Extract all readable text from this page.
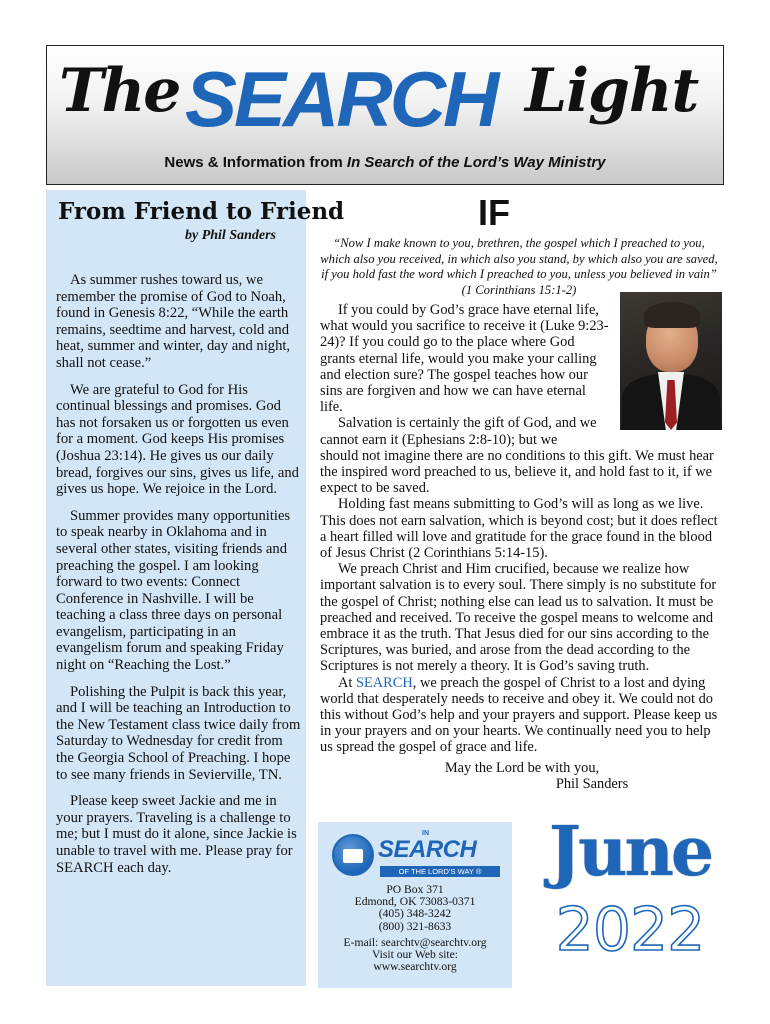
The SEARCH Light
News & Information from In Search of the Lord’s Way Ministry
From Friend to Friend
by Phil Sanders

As summer rushes toward us, we remember the promise of God to Noah, found in Genesis 8:22, “While the earth remains, seedtime and harvest, cold and heat, summer and winter, day and night, shall not cease.”

We are grateful to God for His continual blessings and promises. God has not forsaken us or forgotten us even for a moment. God keeps His promises (Joshua 23:14). He gives us our daily bread, forgives our sins, gives us life, and gives us hope. We rejoice in the Lord.

Summer provides many opportunities to speak nearby in Oklahoma and in several other states, visiting friends and preaching the gospel. I am looking forward to two events: Connect Conference in Nashville. I will be teaching a class three days on personal evangelism, participating in an evangelism forum and speaking Friday night on “Reaching the Lost.”

Polishing the Pulpit is back this year, and I will be teaching an Introduction to the New Testament class twice daily from Saturday to Wednesday for credit from the Georgia School of Preaching. I hope to see many friends in Sevierville, TN.

Please keep sweet Jackie and me in your prayers. Traveling is a challenge to me; but I must do it alone, since Jackie is unable to travel with me. Please pray for SEARCH each day.

IF
“Now I make known to you, brethren, the gospel which I preached to you, which also you received, in which also you stand, by which also you are saved, if you hold fast the word which I preached to you, unless you believed in vain” (1 Corinthians 15:1-2)

If you could by God’s grace have eternal life, what would you sacrifice to receive it (Luke 9:23-24)? If you could go to the place where God grants eternal life, would you make your calling and election sure? The gospel teaches how our sins are forgiven and how we can have eternal life.

Salvation is certainly the gift of God, and we cannot earn it (Ephesians 2:8-10); but we

should not imagine there are no conditions to this gift. We must hear the inspired word preached to us, believe it, and hold fast to it, if we expect to be saved.

Holding fast means submitting to God’s will as long as we live. This does not earn salvation, which is beyond cost; but it does reflect a heart filled will love and gratitude for the grace found in the blood of Jesus Christ (2 Corinthians 5:14-15).

We preach Christ and Him crucified, because we realize how important salvation is to every soul. There simply is no substitute for the gospel of Christ; nothing else can lead us to salvation. It must be preached and received. To receive the gospel means to welcome and embrace it as the truth. That Jesus died for our sins according to the Scriptures, was buried, and arose from the dead according to the Scriptures is not merely a theory. It is God’s saving truth.

At SEARCH, we preach the gospel of Christ to a lost and dying world that desperately needs to receive and obey it. We could not do this without God’s help and your prayers and support. Please keep us in your prayers and on your hearts. We continually need you to help us spread the gospel of grace and life.

May the Lord be with you,
Phil Sanders
IN
SEARCH
OF THE LORD’S WAY ®
PO Box 371
Edmond, OK 73083-0371
(405) 348-3242
(800) 321-8633
E-mail: searchtv@searchtv.org
Visit our Web site:
www.searchtv.org
June
2022
